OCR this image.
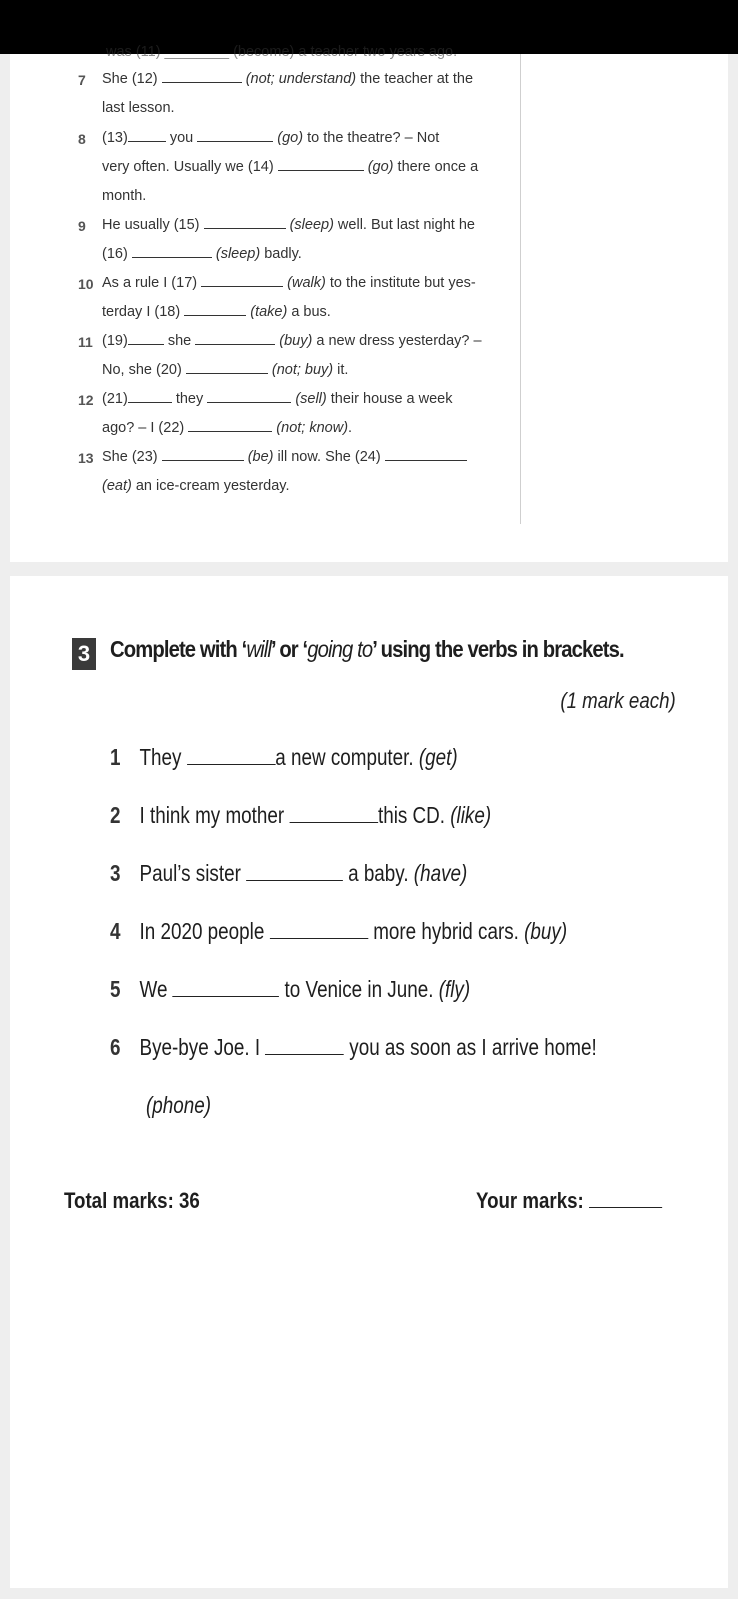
was (11) ________ (become) a teacher two years ago.
7 She (12)	(not; understand) the teacher at the
last lesson.
8 (13)	you	(go) to the theatre? – Not
very often. Usually we (14)	(go) there once a
month.
9 He usually (15)	(sleep) well. But last night he
(16)	(sleep) badly.
10 As a rule I (17)	(walk) to the institute but yes-
terday I (18)	(take) a bus.
11 (19)	she	(buy) a new dress yesterday? –
No, she (20)	(not; buy) it.
12 (21)	they	(sell) their house a week
ago? – I (22)	(not; know).
13 She (23)	(be) ill now. She (24)
(eat) an ice-cream yesterday.
3 Complete with ‘will’ or ‘going to’ using the verbs in brackets.
(1 mark each)
1 They	a new computer. (get)
2 I think my mother	this CD. (like)
3 Paul’s sister	a baby. (have)
4 In 2020 people	more hybrid cars. (buy)
5 We	to Venice in June. (fly)
6 Bye-bye Joe. I	you as soon as I arrive home!
(phone)
Total marks: 36	Your marks:
